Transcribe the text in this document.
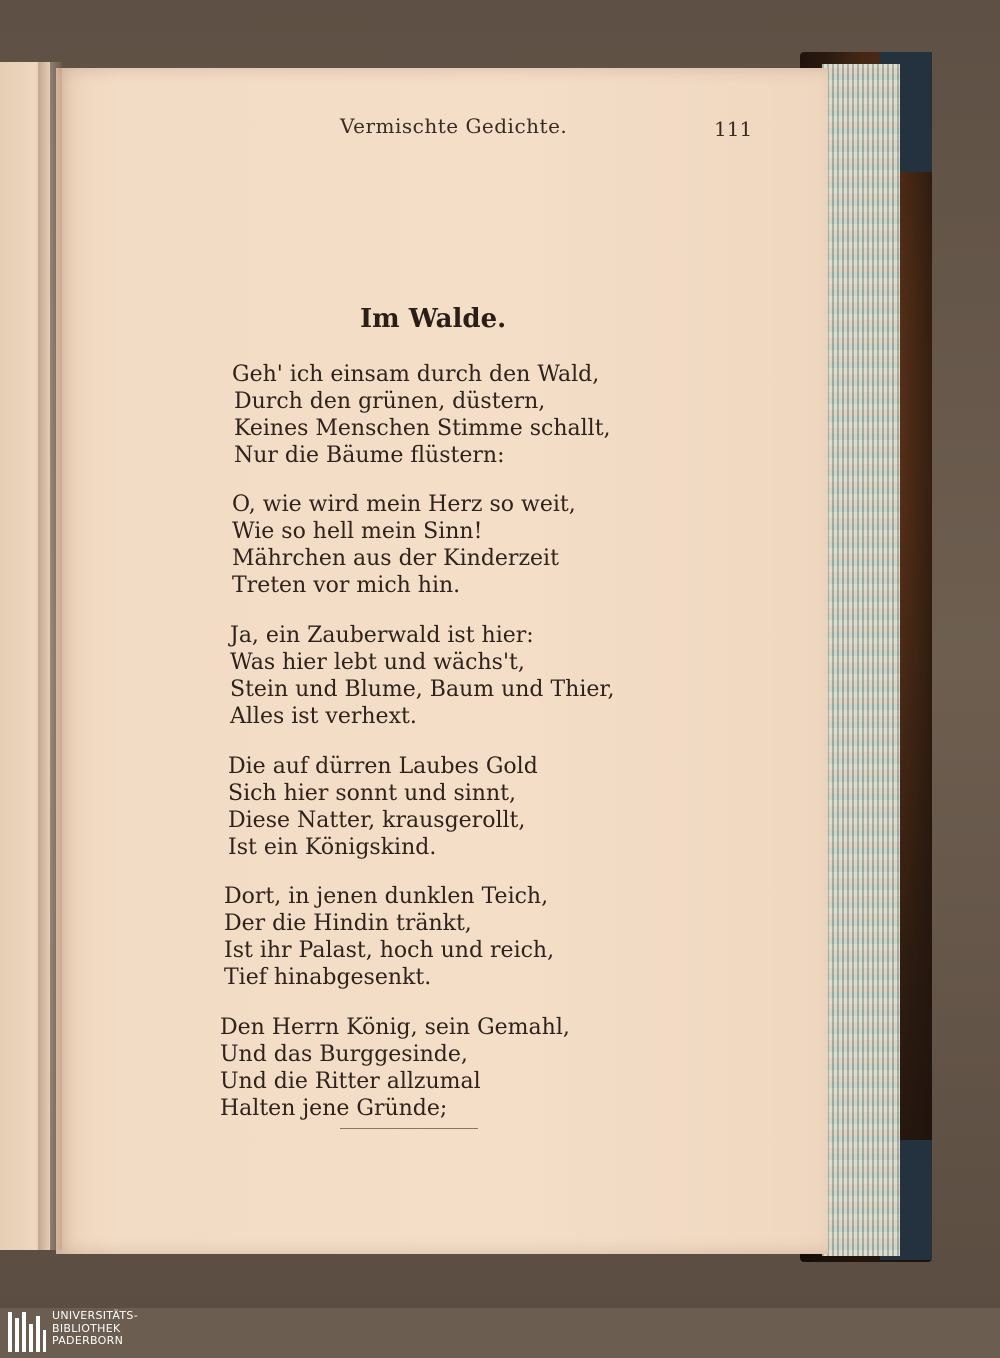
Vermischte Gedichte.	111
Im Walde.
Geh' ich einsam durch den Wald,
Durch den grünen, düstern,
Keines Menschen Stimme schallt,
Nur die Bäume flüstern:
O, wie wird mein Herz so weit,
Wie so hell mein Sinn!
Mährchen aus der Kinderzeit
Treten vor mich hin.
Ja, ein Zauberwald ist hier:
Was hier lebt und wächs't,
Stein und Blume, Baum und Thier,
Alles ist verhext.
Die auf dürren Laubes Gold
Sich hier sonnt und sinnt,
Diese Natter, krausgerollt,
Ist ein Königskind.
Dort, in jenen dunklen Teich,
Der die Hindin tränkt,
Ist ihr Palast, hoch und reich,
Tief hinabgesenkt.
Den Herrn König, sein Gemahl,
Und das Burggesinde,
Und die Ritter allzumal
Halten jene Gründe;
UNIVERSITÄTS-
BIBLIOTHEK
PADERBORN
